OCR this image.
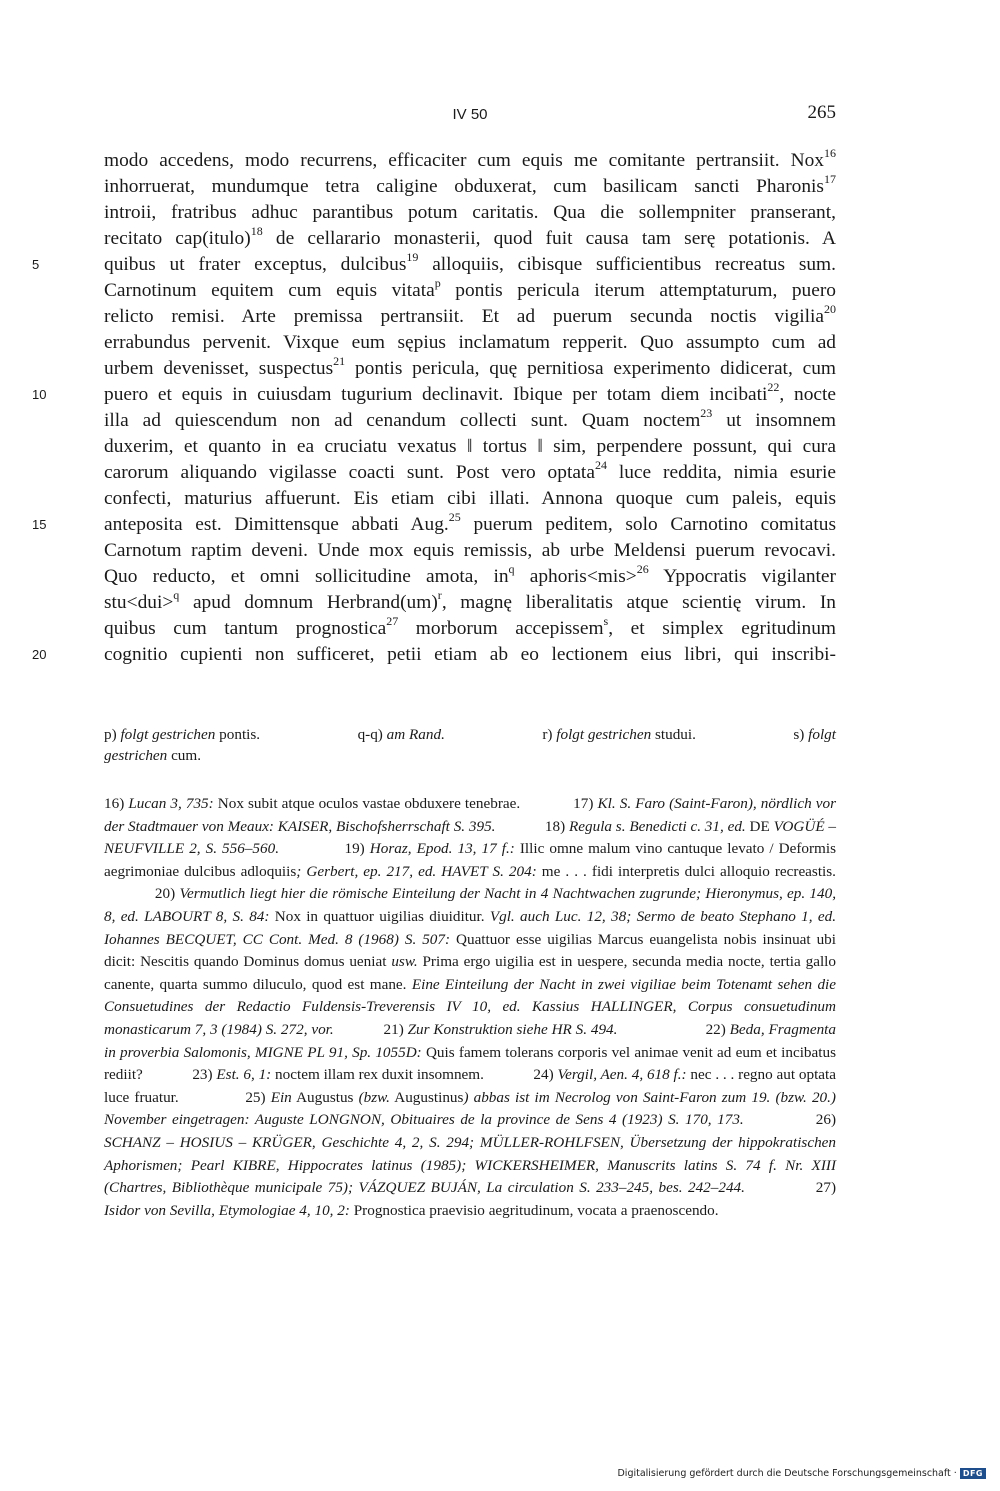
IV 50	265
modo accedens, modo recurrens, efficaciter cum equis me comitante pertransiit. Nox$^{16}$
inhorruerat, mundumque tetra caligine obduxerat, cum basilicam sancti Pharonis$^{17}$
introii, fratribus adhuc parantibus potum caritatis. Qua die sollempniter pranserant,
recitato cap(itulo)$^{18}$ de cellarario monasterii, quod fuit causa tam serę potationis. A
5	quibus ut frater exceptus, dulcibus$^{19}$ alloquiis, cibisque sufficientibus recreatus sum.
Carnotinum equitem cum equis vitata$^p$ pontis pericula iterum attemptaturum, puero
relicto remisi. Arte premissa pertransiit. Et ad puerum secunda noctis vigilia$^{20}$
errabundus pervenit. Vixque eum sępius inclamatum repperit. Quo assumpto cum ad
urbem devenisset, suspectus$^{21}$ pontis pericula, quę pernitiosa experimento didicerat, cum
10	puero et equis in cuiusdam tugurium declinavit. Ibique per totam diem incibati$^{22}$, nocte
illa ad quiescendum non ad cenandum collecti sunt. Quam noctem$^{23}$ ut insomnem
duxerim, et quanto in ea cruciatu vexatus ‖ tortus ‖ sim, perpendere possunt, qui cura
carorum aliquando vigilasse coacti sunt. Post vero optata$^{24}$ luce reddita, nimia esurie
confecti, maturius affuerunt. Eis etiam cibi illati. Annona quoque cum paleis, equis
15	anteposita est. Dimittensque abbati Aug.$^{25}$ puerum peditem, solo Carnotino comitatus
Carnotum raptim deveni. Unde mox equis remissis, ab urbe Meldensi puerum revocavi.
Quo reducto, et omni sollicitudine amota, $in^q$ aphoris<mis>$^{26}$ Yppocratis vigilanter
stu<dui>$^q$ apud domnum Herbrand(um)$^r$, magnę liberalitatis atque scientię virum. In
quibus cum tantum prognostica$^{27}$ morborum accepissem$^s$, et simplex egritudinum
20	cognitio cupienti non sufficeret, petii etiam ab eo lectionem eius libri, qui inscribi-
p) folgt gestrichen pontis.	q-q) am Rand.	r) folgt gestrichen studui.	s) folgt
gestrichen cum.
16) Lucan 3, 735: Nox subit atque oculos vastae obduxere tenebrae.             17) Kl. S. Faro (Saint-Faron), nördlich vor der Stadtmauer von Meaux: KAISER, Bischofsherrschaft S. 395.             18) Regula s. Benedicti c. 31, ed. DE VOGÜÉ – NEUFVILLE 2, S. 556–560.             19) Horaz, Epod. 13, 17 f.: Illic omne malum vino cantuque levato / Deformis aegrimoniae dulcibus adloquiis; Gerbert, ep. 217, ed. HAVET S. 204: me . . . fidi interpretis dulci alloquio recreastis.             20) Vermutlich liegt hier die römische Einteilung der Nacht in 4 Nachtwachen zugrunde; Hieronymus, ep. 140, 8, ed. LABOURT 8, S. 84: Nox in quattuor uigilias diuiditur. Vgl. auch Luc. 12, 38; Sermo de beato Stephano 1, ed. Iohannes BECQUET, CC Cont. Med. 8 (1968) S. 507: Quattuor esse uigilias Marcus euangelista nobis insinuat ubi dicit: Nescitis quando Dominus domus ueniat usw. Prima ergo uigilia est in uespere, secunda media nocte, tertia gallo canente, quarta summo diluculo, quod est mane. Eine Einteilung der Nacht in zwei vigiliae beim Totenamt sehen die Consuetudines der Redactio Fuldensis-Treverensis IV 10, ed. Kassius HALLINGER, Corpus consuetudinum monasticarum 7, 3 (1984) S. 272, vor.             21) Zur Konstruktion siehe HR S. 494.                       22) Beda, Fragmenta in proverbia Salomonis, MIGNE PL 91, Sp. 1055D: Quis famem tolerans corporis vel animae venit ad eum et incibatus rediit?             23) Est. 6, 1: noctem illam rex duxit insomnem.             24) Vergil, Aen. 4, 618 f.: nec . . . regno aut optata luce fruatur.             25) Ein Augustus (bzw. Augustinus) abbas ist im Necrolog von Saint-Faron zum 19. (bzw. 20.) November eingetragen: Auguste LONGNON, Obituaires de la province de Sens 4 (1923) S. 170, 173.             26) SCHANZ – HOSIUS – KRÜGER, Geschichte 4, 2, S. 294; MÜLLER-ROHLFSEN, Übersetzung der hippokratischen Aphorismen; Pearl KIBRE, Hippocrates latinus (1985); WICKERSHEIMER, Manuscrits latins S. 74 f. Nr. XIII (Chartres, Bibliothèque municipale 75); VÁZQUEZ BUJÁN, La circulation S. 233–245, bes. 242–244.             27) Isidor von Sevilla, Etymologiae 4, 10, 2: Prognostica praevisio aegritudinum, vocata a praenoscendo.
Digitalisierung gefördert durch die Deutsche Forschungsgemeinschaft · DFG
